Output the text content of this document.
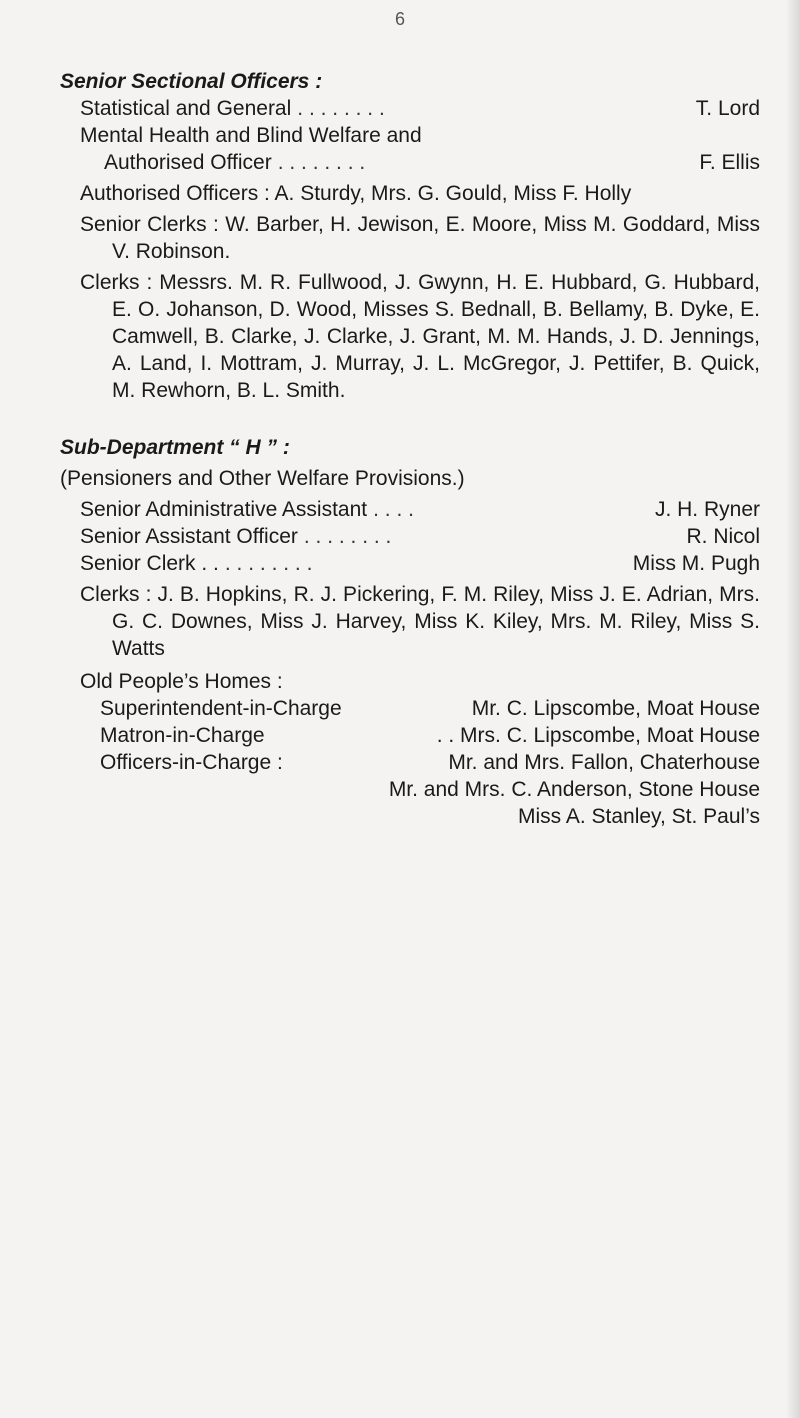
6
Senior Sectional Officers :
Statistical and General . . . . . . . .	T. Lord
Mental Health and Blind Welfare and
Authorised Officer . . . . . . . .	F. Ellis
Authorised Officers : A. Sturdy, Mrs. G. Gould, Miss F. Holly
Senior Clerks : W. Barber, H. Jewison, E. Moore, Miss M. Goddard, Miss V. Robinson.
Clerks : Messrs. M. R. Fullwood, J. Gwynn, H. E. Hubbard, G. Hubbard, E. O. Johanson, D. Wood, Misses S. Bednall, B. Bellamy, B. Dyke, E. Camwell, B. Clarke, J. Clarke, J. Grant, M. M. Hands, J. D. Jennings, A. Land, I. Mottram, J. Murray, J. L. McGregor, J. Pettifer, B. Quick, M. Rewhorn, B. L. Smith.
Sub-Department “ H ” :
(Pensioners and Other Welfare Provisions.)
Senior Administrative Assistant . . . .	J. H. Ryner
Senior Assistant Officer . . . . . . . .	R. Nicol
Senior Clerk . . . . . . . . . .	Miss M. Pugh
Clerks : J. B. Hopkins, R. J. Pickering, F. M. Riley, Miss J. E. Adrian, Mrs. G. C. Downes, Miss J. Harvey, Miss K. Kiley, Mrs. M. Riley, Miss S. Watts
Old People’s Homes :
Superintendent-in-Charge	Mr. C. Lipscombe, Moat House
Matron-in-Charge	. . Mrs. C. Lipscombe, Moat House
Officers-in-Charge :	Mr. and Mrs. Fallon, Chaterhouse
Mr. and Mrs. C. Anderson, Stone House
Miss A. Stanley, St. Paul’s
